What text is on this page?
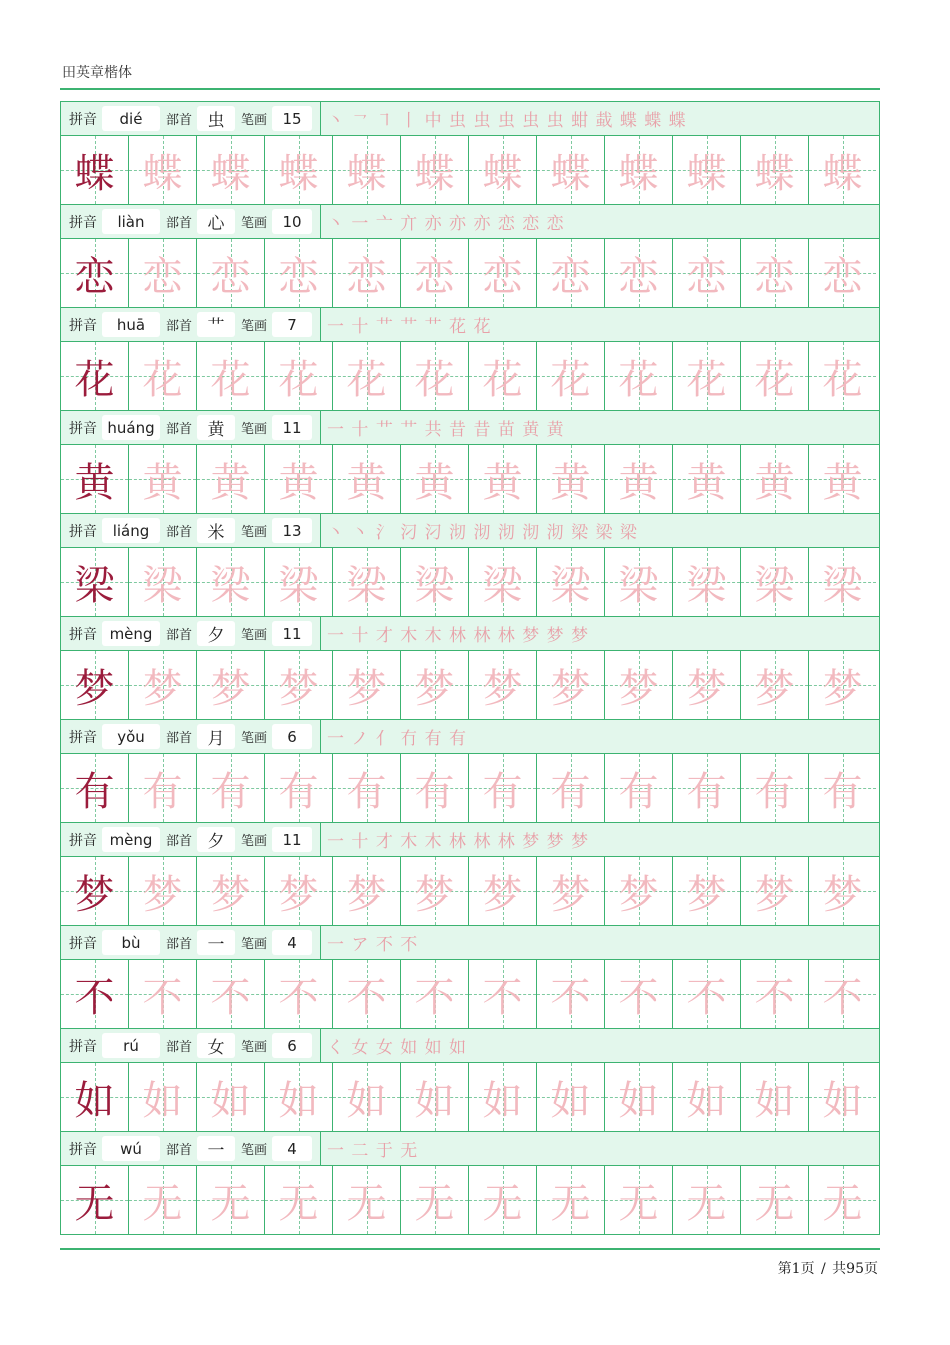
田英章楷体
拼音	dié	部首 虫	笔画	15	丶 ㇖ ㇕ 丨 中 虫 虫 虫 虫 虫 蚶 蛓 蝶 蝶 蝶
蝶 蝶 蝶 蝶 蝶 蝶 蝶 蝶 蝶 蝶 蝶 蝶
拼音	liàn	部首 心	笔画	10	丶 一 亠 亣 亦 亦 亦 恋 恋 恋
恋 恋 恋 恋 恋 恋 恋 恋 恋 恋 恋 恋
拼音	huā	部首 艹	笔画	7	一 十 艹 艹 艹 花 花
花 花 花 花 花 花 花 花 花 花 花 花
拼音 huáng 部首 黄	笔画	11	一 十 艹 艹 共 昔 昔 苗 黄 黄
黄 黄 黄 黄 黄 黄 黄 黄 黄 黄 黄 黄
拼音	liáng	部首 米	笔画	13	丶 丶 氵 汈 汈 沏 沏 沏 沏 沏 梁 梁 梁
梁 梁 梁 梁 梁 梁 梁 梁 梁 梁 梁 梁
拼音 mèng	部首 夕	笔画	11	一 十 才 木 木 林 林 林 梦 梦 梦
梦 梦 梦 梦 梦 梦 梦 梦 梦 梦 梦 梦
拼音	yǒu	部首 月	笔画	6	一 ノ 亻 冇 有 有
有 有 有 有 有 有 有 有 有 有 有 有
拼音 mèng	部首 夕	笔画	11	一 十 才 木 木 林 林 林 梦 梦 梦
梦 梦 梦 梦 梦 梦 梦 梦 梦 梦 梦 梦
拼音	bù	部首 一	笔画	4	一 ア 不 不
不 不 不 不 不 不 不 不 不 不 不 不
拼音	rú	部首 女	笔画	6	く 女 女 如 如 如
如 如 如 如 如 如 如 如 如 如 如 如
拼音	wú	部首 一	笔画	4	一 二 于 无
无 无 无 无 无 无 无 无 无 无 无 无
第1页 / 共95页
